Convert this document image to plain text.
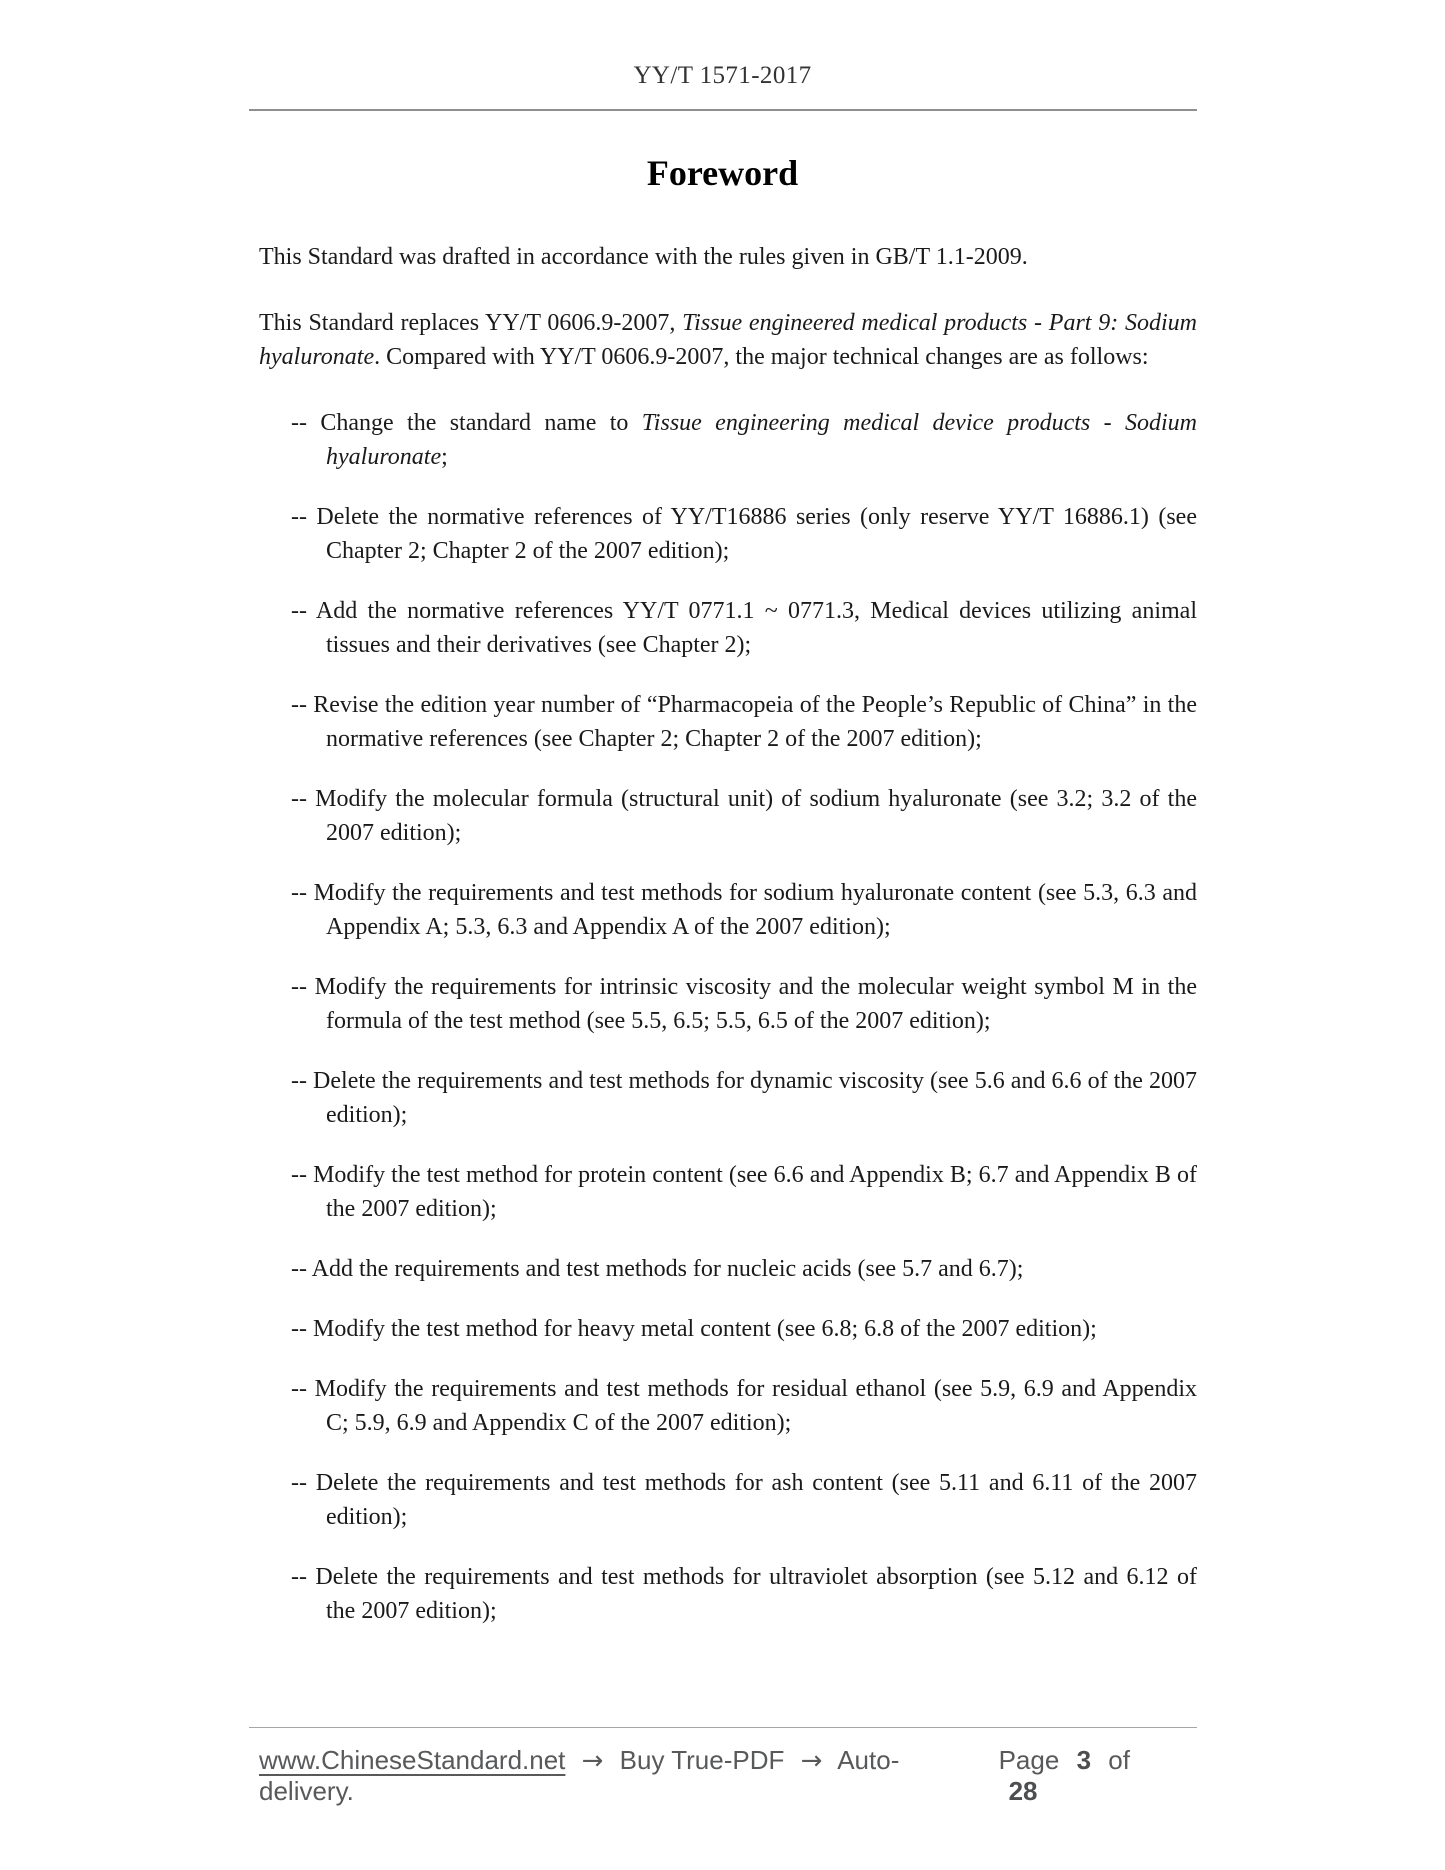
YY/T 1571-2017
Foreword

This Standard was drafted in accordance with the rules given in GB/T 1.1-2009.

This Standard replaces YY/T 0606.9-2007, Tissue engineered medical products - Part 9: Sodium hyaluronate. Compared with YY/T 0606.9-2007, the major technical changes are as follows:

-- Change the standard name to Tissue engineering medical device products - Sodium hyaluronate;
-- Delete the normative references of YY/T16886 series (only reserve YY/T 16886.1) (see Chapter 2; Chapter 2 of the 2007 edition);
-- Add the normative references YY/T 0771.1 ~ 0771.3, Medical devices utilizing animal tissues and their derivatives (see Chapter 2);
-- Revise the edition year number of “Pharmacopeia of the People’s Republic of China” in the normative references (see Chapter 2; Chapter 2 of the 2007 edition);
-- Modify the molecular formula (structural unit) of sodium hyaluronate (see 3.2; 3.2 of the 2007 edition);
-- Modify the requirements and test methods for sodium hyaluronate content (see 5.3, 6.3 and Appendix A; 5.3, 6.3 and Appendix A of the 2007 edition);
-- Modify the requirements for intrinsic viscosity and the molecular weight symbol M in the formula of the test method (see 5.5, 6.5; 5.5, 6.5 of the 2007 edition);
-- Delete the requirements and test methods for dynamic viscosity (see 5.6 and 6.6 of the 2007 edition);
-- Modify the test method for protein content (see 6.6 and Appendix B; 6.7 and Appendix B of the 2007 edition);
-- Add the requirements and test methods for nucleic acids (see 5.7 and 6.7);
-- Modify the test method for heavy metal content (see 6.8; 6.8 of the 2007 edition);
-- Modify the requirements and test methods for residual ethanol (see 5.9, 6.9 and Appendix C; 5.9, 6.9 and Appendix C of the 2007 edition);
-- Delete the requirements and test methods for ash content (see 5.11 and 6.11 of the 2007 edition);
-- Delete the requirements and test methods for ultraviolet absorption (see 5.12 and 6.12 of the 2007 edition);
www.ChineseStandard.net → Buy True-PDF → Auto-delivery.
Page 3 of 28
